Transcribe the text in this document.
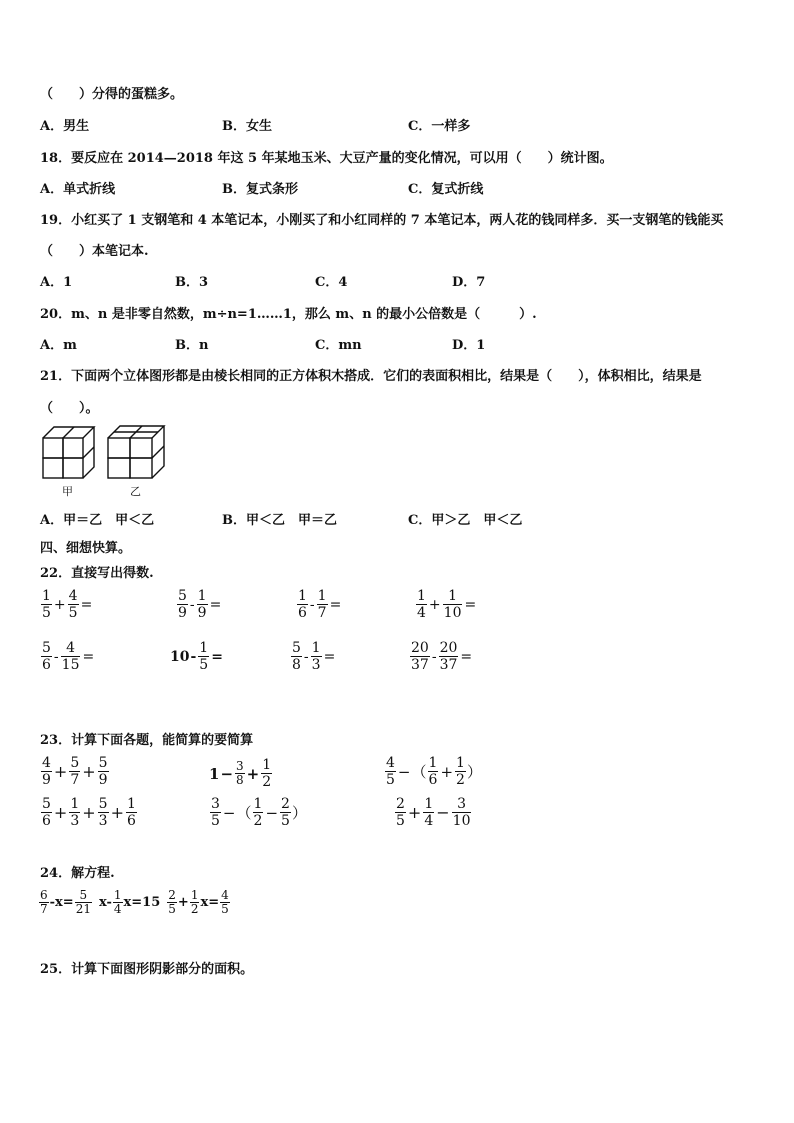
（　　）分得的蛋糕多。
A．男生	B．女生	C．一样多
18．要反应在 2014—2018 年这 5 年某地玉米、大豆产量的变化情况，可以用（　　）统计图。
A．单式折线	B．复式条形	C．复式折线
19．小红买了 1 支钢笔和 4 本笔记本，小刚买了和小红同样的 7 本笔记本，两人花的钱同样多．买一支钢笔的钱能买
（　　）本笔记本.
A．1	B．3	C．4	D．7
20．m、n 是非零自然数，m÷n=1……1，那么 m、n 的最小公倍数是（　　　）.
A．m	B．n	C．mn	D．1
21．下面两个立体图形都是由棱长相同的正方体积木搭成．它们的表面积相比，结果是（　　），体积相比，结果是
（　　）。
甲	乙
A．甲＝乙　甲＜乙	B．甲＜乙　甲＝乙	C．甲＞乙　甲＜乙
四、细想快算。
22．直接写出得数.
$\frac{1}{5} + \frac{4}{5}$ =	$\frac{5}{9} - \frac{1}{9}$ =	$\frac{1}{6} - \frac{1}{7}$ =	$\frac{1}{4} + \frac{1}{10}$ =
$\frac{5}{6} - \frac{4}{15}$ =	$10 - \frac{1}{5}$ =	$\frac{5}{8} - \frac{1}{3}$ =	$\frac{20}{37} - \frac{20}{37}$ =
23．计算下面各题，能简算的要简算
$\frac{4}{9} + \frac{5}{7} + \frac{5}{9}$	$1 - \frac{3}{8} + \frac{1}{2}$	$\frac{4}{5}$ − （ $\frac{1}{6} + \frac{1}{2}$ ）
$\frac{5}{6} + \frac{1}{3} + \frac{5}{3} + \frac{1}{6}$	$\frac{3}{5}$ − （ $\frac{1}{2} - \frac{2}{5}$ ）	$\frac{2}{5} + \frac{1}{4} - \frac{3}{10}$
24．解方程.
$\frac{6}{7} -x= \frac{5}{21} x- \frac{1}{4} x=15 \frac{2}{5} + \frac{1}{2} x= \frac{4}{5}$
25．计算下面图形阴影部分的面积。
